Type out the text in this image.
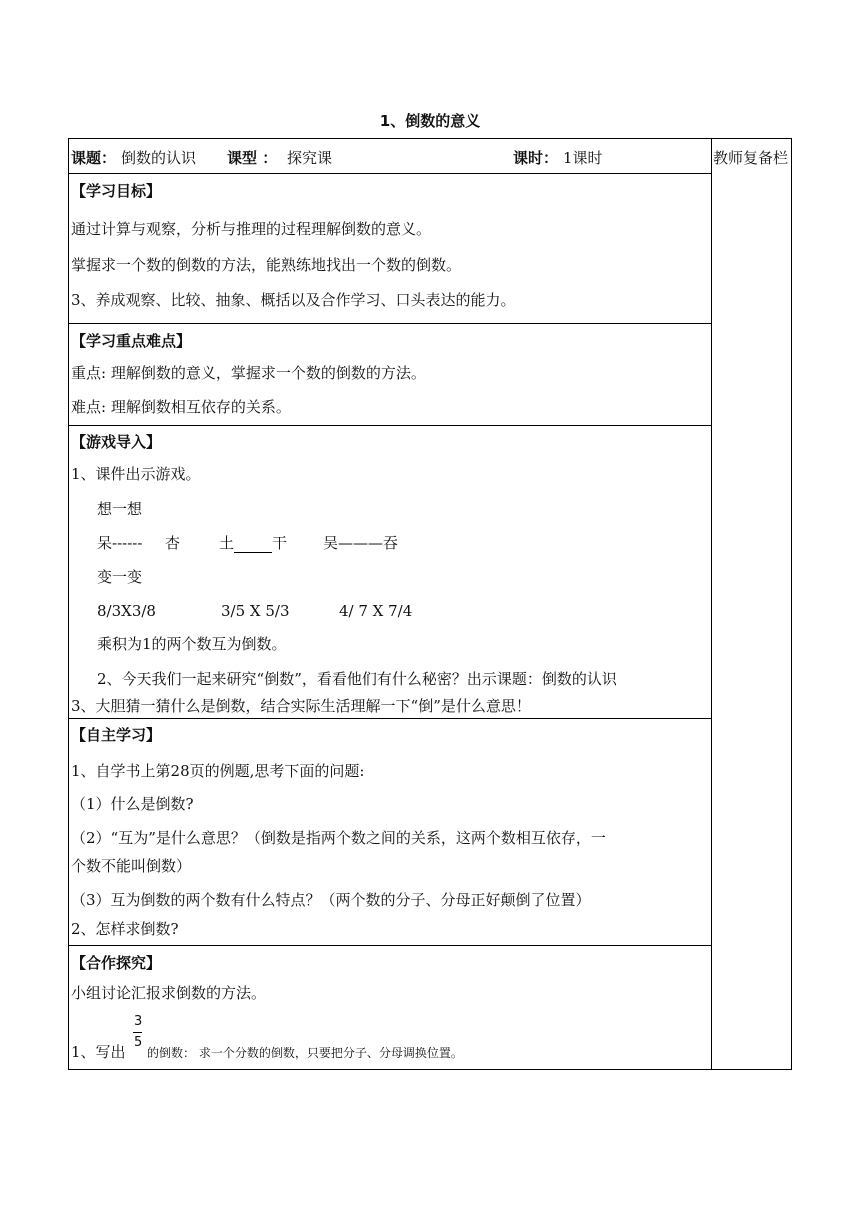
1、倒数的意义
课题： 倒数的认识 课型 ： 探究课	课时： 1课时	教师复备栏
【学习目标】
通过计算与观察，分析与推理的过程理解倒数的意义。
掌握求一个数的倒数的方法，能熟练地找出一个数的倒数。
3、养成观察、比较、抽象、概括以及合作学习、口头表达的能力。
【学习重点难点】
重点: 理解倒数的意义，掌握求一个数的倒数的方法。
难点: 理解倒数相互依存的关系。
【游戏导入】
1、课件出示游戏。
想一想
呆------ 杏	土	干 吴———吞
变一变
8/3X3/8	3/5 X 5/3	4/ 7 X 7/4
乘积为1的两个数互为倒数。
2、今天我们一起来研究“倒数”，看看他们有什么秘密？出示课题：倒数的认识
3、大胆猜一猜什么是倒数，结合实际生活理解一下“倒”是什么意思！
【自主学习】
1、自学书上第28页的例题,思考下面的问题:
（1）什么是倒数?
（2）“互为”是什么意思？（倒数是指两个数之间的关系，这两个数相互依存，一
个数不能叫倒数）
（3）互为倒数的两个数有什么特点？（两个数的分子、分母正好颠倒了位置）
2、怎样求倒数?
【合作探究】
小组讨论汇报求倒数的方法。
1、写出
3
5
的倒数： 求一个分数的倒数，只要把分子、分母调换位置。
